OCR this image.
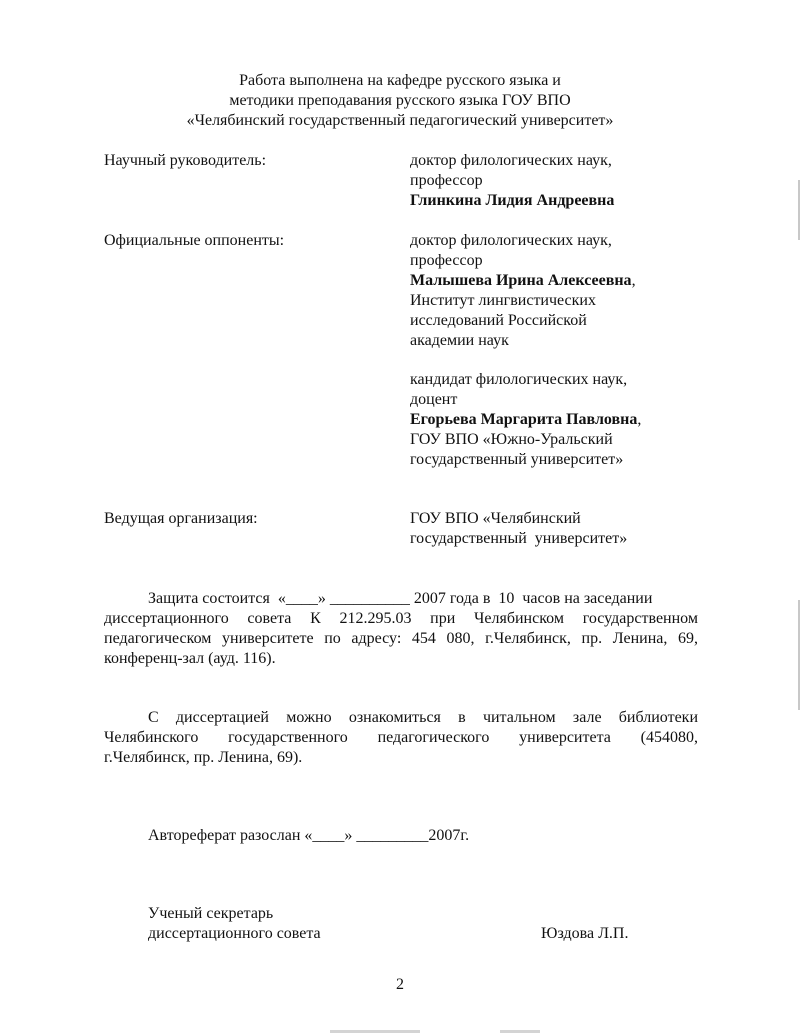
Работа выполнена на кафедре русского языка и
методики преподавания русского языка ГОУ ВПО
«Челябинский государственный педагогический университет»
Научный руководитель:	доктор филологических наук,
профессор
Глинкина Лидия Андреевна
Официальные оппоненты:	доктор филологических наук,
профессор
Малышева Ирина Алексеевна,
Институт лингвистических
исследований Российской
академии наук
кандидат филологических наук,
доцент
Егорьева Маргарита Павловна,
ГОУ ВПО «Южно-Уральский
государственный университет»
Ведущая организация:	ГОУ ВПО «Челябинский
государственный  университет»
Защита состоится  «____» __________ 2007 года в  10  часов на заседании
диссертационного совета К 212.295.03 при Челябинском государственном
педагогическом университете по адресу: 454 080, г.Челябинск, пр. Ленина, 69,
конференц-зал (ауд. 116).
С диссертацией можно ознакомиться в читальном зале библиотеки
Челябинского государственного педагогического университета (454080,
г.Челябинск, пр. Ленина, 69).
Автореферат разослан «____» _________2007г.
Ученый секретарь
диссертационного совета	Юздова Л.П.
2
